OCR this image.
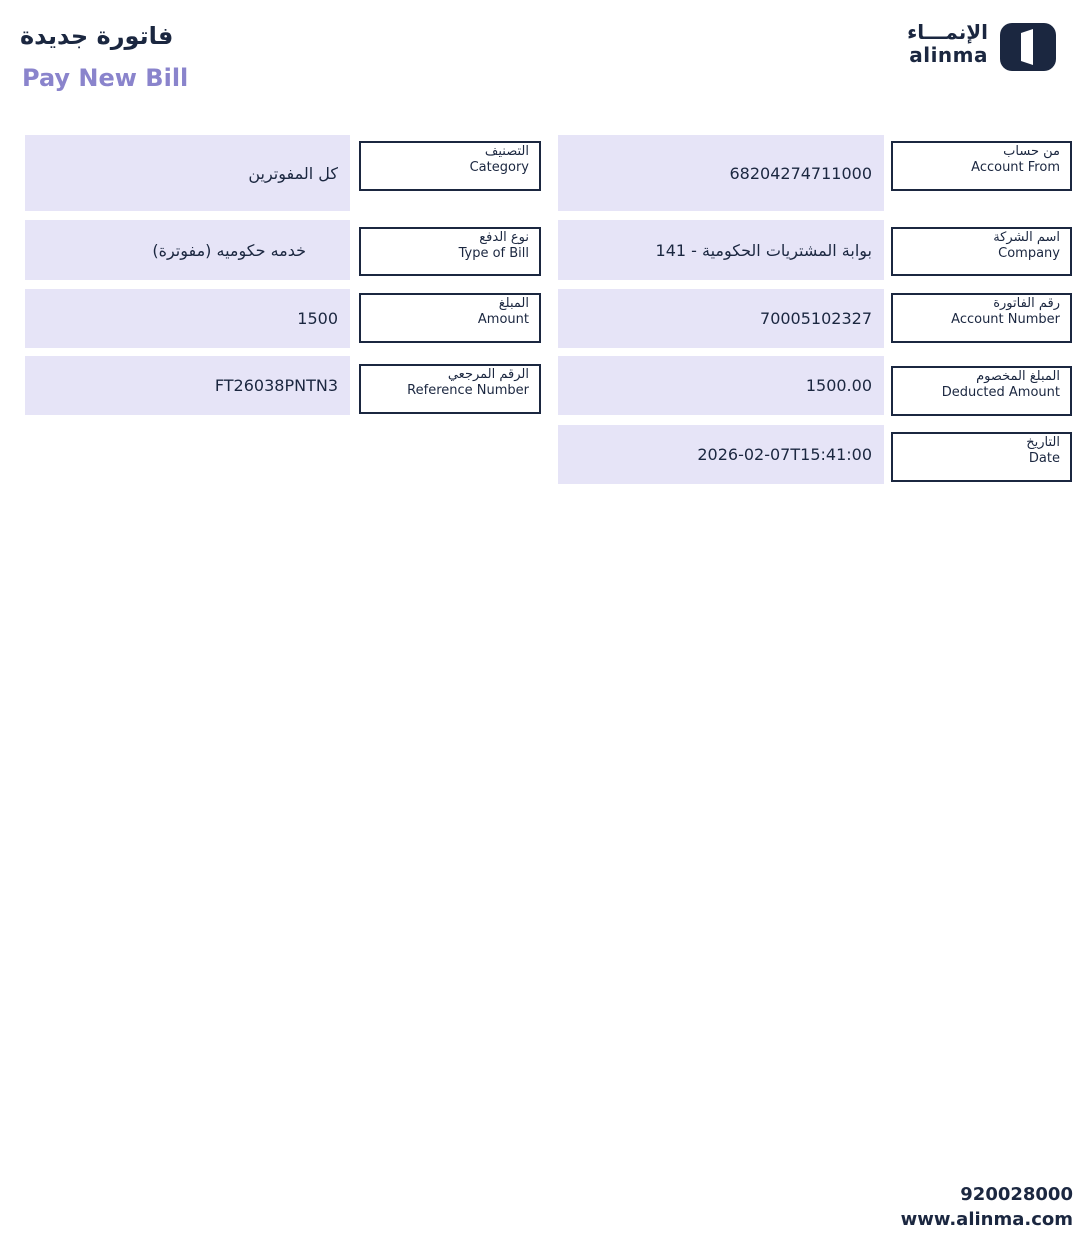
فاتورة جديدة
Pay New Bill
الإنمـــاء
alinma
68204274711000
من حساب
Account From
141 - بوابة المشتريات الحكومية
اسم الشركة
Company
70005102327
رقم الفاتورة
Account Number
1500.00	المبلغ المخصوم
Deducted Amount
2026-02-07T15:41:00
التاريخ
Date
كل المفوترين
التصنيف
Category
خدمه حكوميه (مفوترة)
نوع الدفع
Type of Bill
1500
المبلغ
Amount
FT26038PNTN3
الرقم المرجعي
Reference Number
920028000
www.alinma.com
